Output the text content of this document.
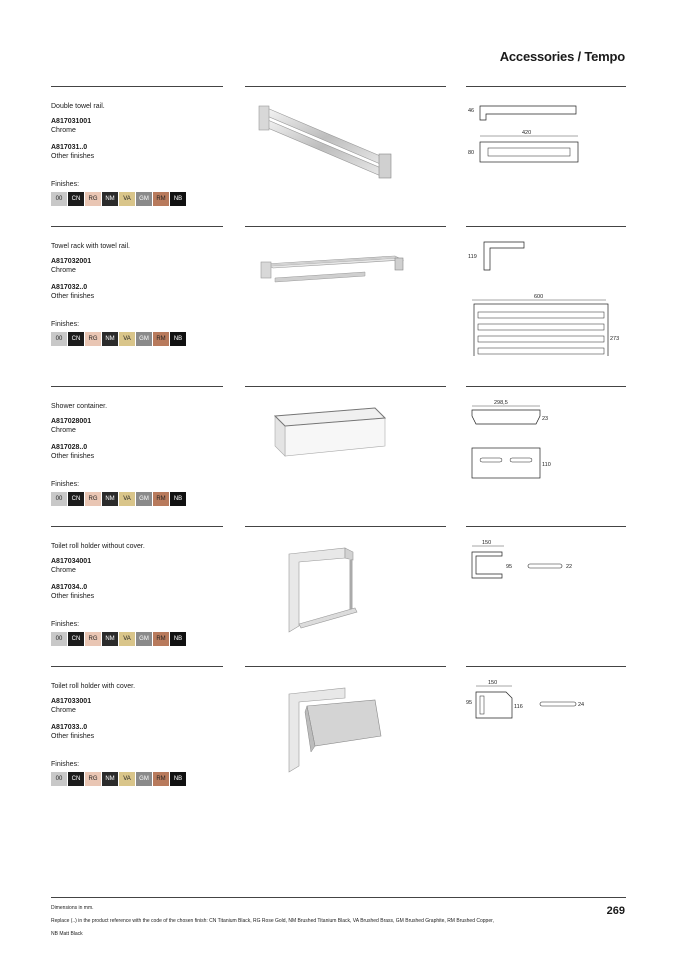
Accessories / Tempo
Double towel rail.
A817031001
Chrome
A817031..0
Other finishes
Finishes:
00	CN	RG	NM	VA	GM	RM	NB
46
420
80
Towel rack with towel rail.
A817032001
Chrome
A817032..0
Other finishes
Finishes:
00	CN	RG	NM	VA	GM	RM	NB
119
600
273
Shower container.
A817028001
Chrome
A817028..0
Other finishes
Finishes:
00	CN	RG	NM	VA	GM	RM	NB
298,5
23
110
Toilet roll holder without cover.
A817034001
Chrome
A817034..0
Other finishes
Finishes:
00	CN	RG	NM	VA	GM	RM	NB
150
95	22
Toilet roll holder with cover.
A817033001
Chrome
A817033..0
Other finishes
Finishes:
00	CN	RG	NM	VA	GM	RM	NB
150
95
116	24
Dimensions in mm.
Replace (..) in the product reference with the code of the chosen finish: CN Titanium Black, RG Rose Gold, NM Brushed Titanium Black, VA Brushed Brass, GM Brushed Graphite, RM Brushed Copper,
NB Matt Black
269
